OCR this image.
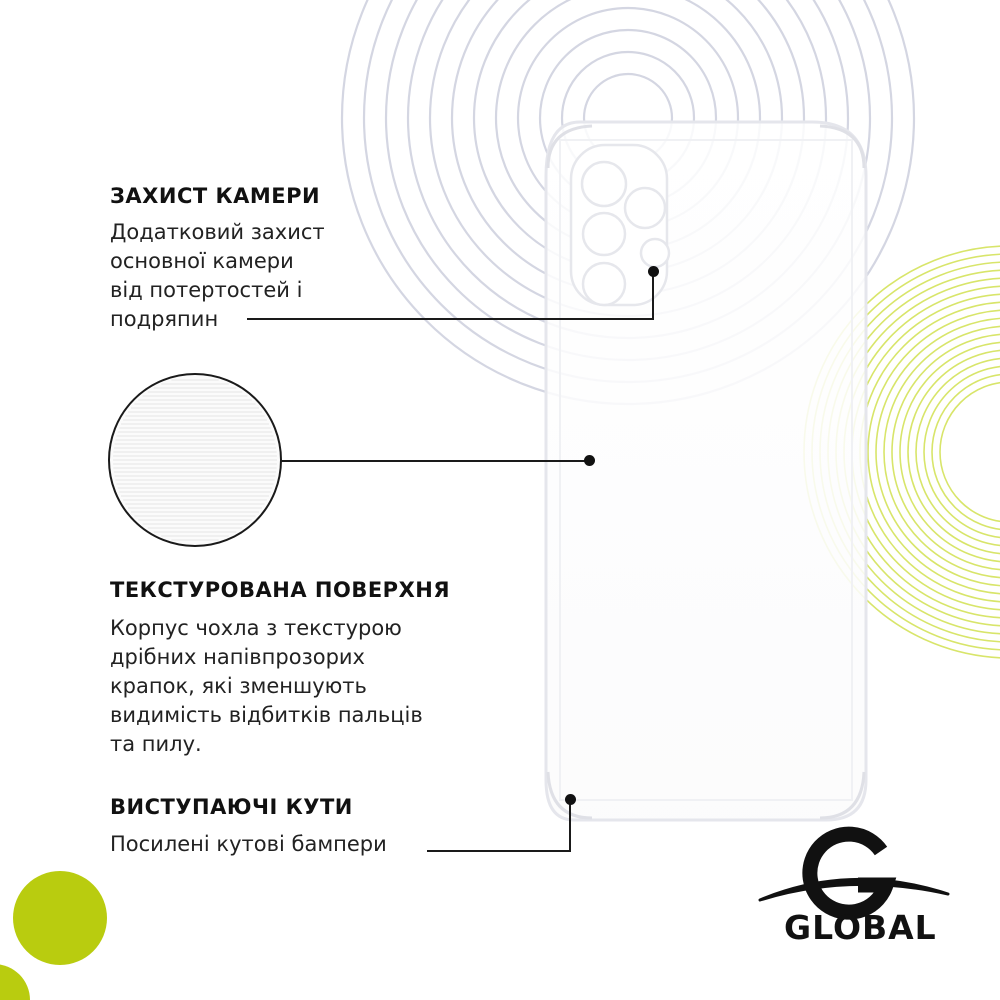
ЗАХИСТ КАМЕРИ
Додатковий захист
основної камери
від потертостей і
подряпин
ТЕКСТУРОВАНА ПОВЕРХНЯ
Корпус чохла з текстурою
дрібних напівпрозорих
крапок, які зменшують
видимість відбитків пальців
та пилу.
ВИСТУПАЮЧІ КУТИ
Посилені кутові бампери
GLOBAL
